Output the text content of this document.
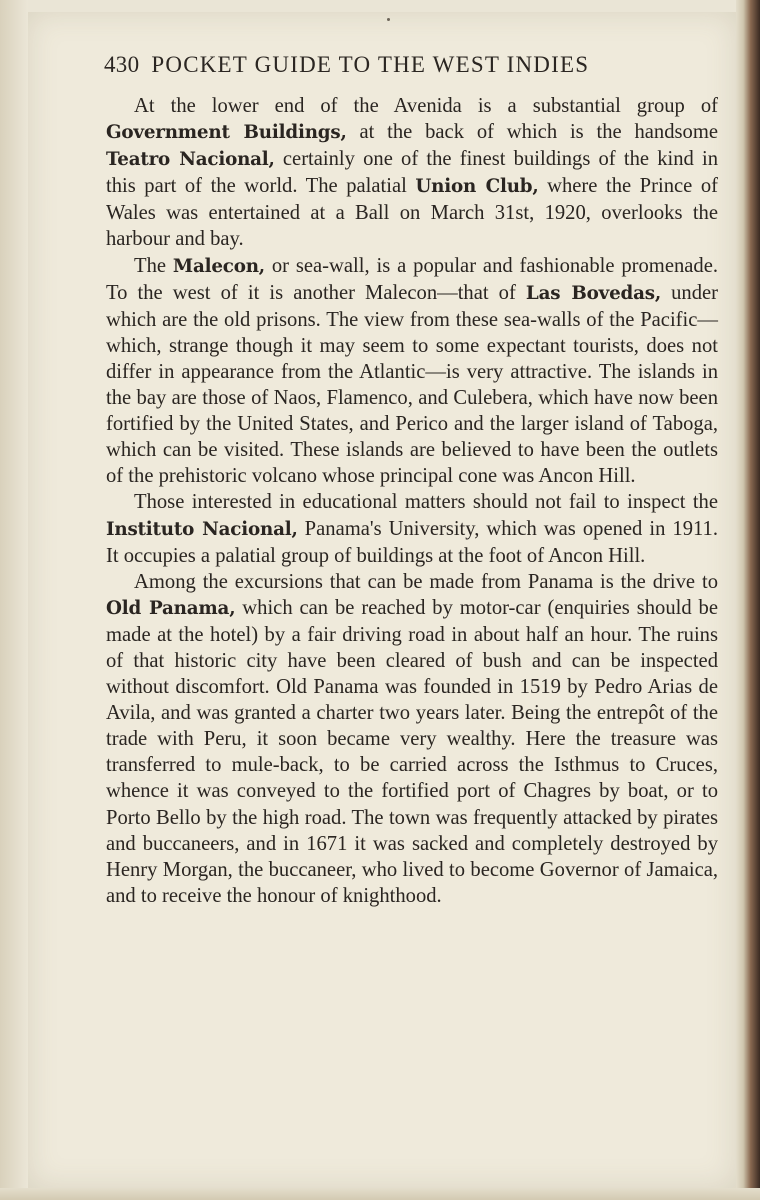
430 POCKET GUIDE TO THE WEST INDIES

At the lower end of the Avenida is a substantial group of Government Buildings, at the back of which is the handsome Teatro Nacional, certainly one of the finest buildings of the kind in this part of the world. The palatial Union Club, where the Prince of Wales was entertained at a Ball on March 31st, 1920, overlooks the harbour and bay.

The Malecon, or sea-wall, is a popular and fashionable promenade. To the west of it is another Malecon—that of Las Bovedas, under which are the old prisons. The view from these sea-walls of the Pacific—which, strange though it may seem to some expectant tourists, does not differ in appearance from the Atlantic—is very attractive. The islands in the bay are those of Naos, Flamenco, and Culebera, which have now been fortified by the United States, and Perico and the larger island of Taboga, which can be visited. These islands are believed to have been the outlets of the prehistoric volcano whose principal cone was Ancon Hill.

Those interested in educational matters should not fail to inspect the Instituto Nacional, Panama's University, which was opened in 1911. It occupies a palatial group of buildings at the foot of Ancon Hill.

Among the excursions that can be made from Panama is the drive to Old Panama, which can be reached by motor-car (enquiries should be made at the hotel) by a fair driving road in about half an hour. The ruins of that historic city have been cleared of bush and can be inspected without discomfort. Old Panama was founded in 1519 by Pedro Arias de Avila, and was granted a charter two years later. Being the entrepôt of the trade with Peru, it soon became very wealthy. Here the treasure was transferred to mule-back, to be carried across the Isthmus to Cruces, whence it was conveyed to the fortified port of Chagres by boat, or to Porto Bello by the high road. The town was frequently attacked by pirates and buccaneers, and in 1671 it was sacked and completely destroyed by Henry Morgan, the buccaneer, who lived to become Governor of Jamaica, and to receive the honour of knighthood.
